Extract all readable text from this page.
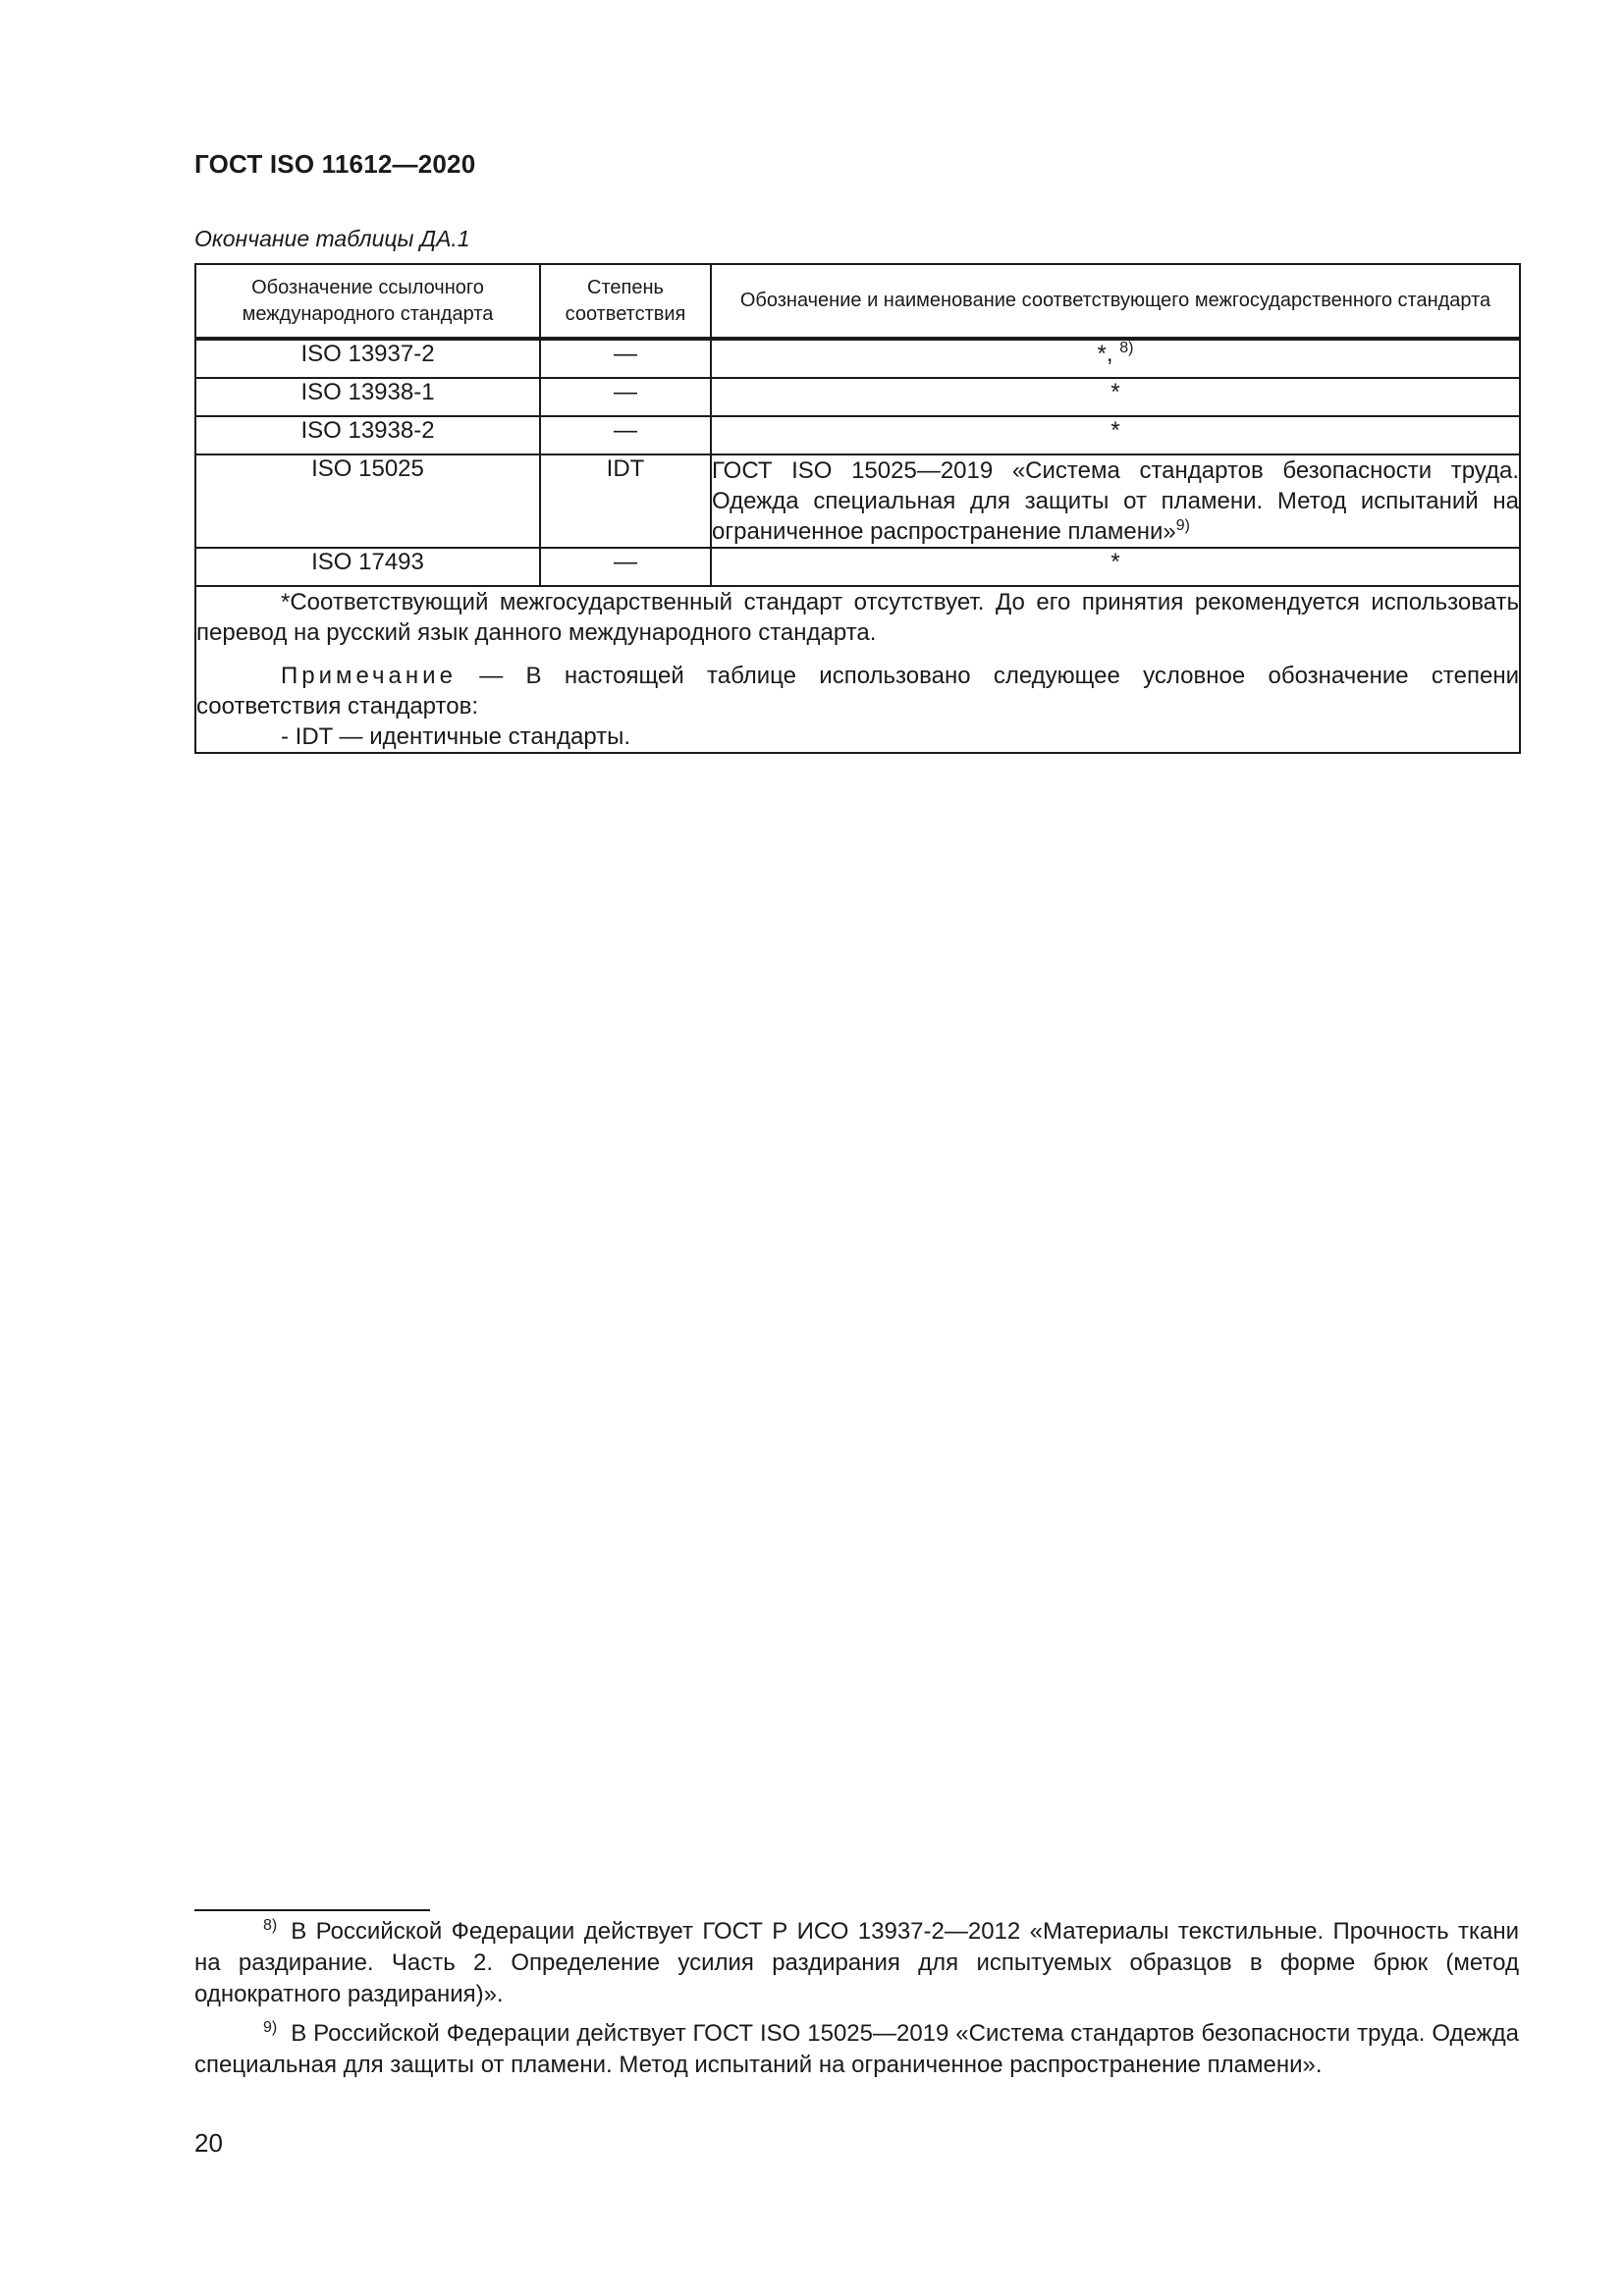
ГОСТ ISO 11612—2020
Окончание таблицы ДА.1
Обозначение ссылочного международного стандарта	Степень соответствия	Обозначение и наименование соответствующего межгосударственного стандарта
ISO 13937-2	—	*, $^{8)}$
ISO 13938-1	—	*
ISO 13938-2	—	*
ISO 15025	IDT	ГОСТ ISO 15025—2019 «Система стандартов безопасности труда. Одежда специальная для защиты от пламени. Метод испытаний на ограниченное распространение пламени»$^{9)}$
ISO 17493	—	*

*Соответствующий межгосударственный стандарт отсутствует. До его принятия рекомендуется использовать перевод на русский язык данного международного стандарта.
Примечание — В настоящей таблице использовано следующее условное обозначение степени соответствия стандартов:
- IDT — идентичные стандарты.		
$^{8)}$ В Российской Федерации действует ГОСТ Р ИСО 13937-2—2012 «Материалы текстильные. Прочность ткани на раздирание. Часть 2. Определение усилия раздирания для испытуемых образцов в форме брюк (метод однократного раздирания)».
$^{9)}$ В Российской Федерации действует ГОСТ ISO 15025—2019 «Система стандартов безопасности труда. Одежда специальная для защиты от пламени. Метод испытаний на ограниченное распространение пламени».
20
